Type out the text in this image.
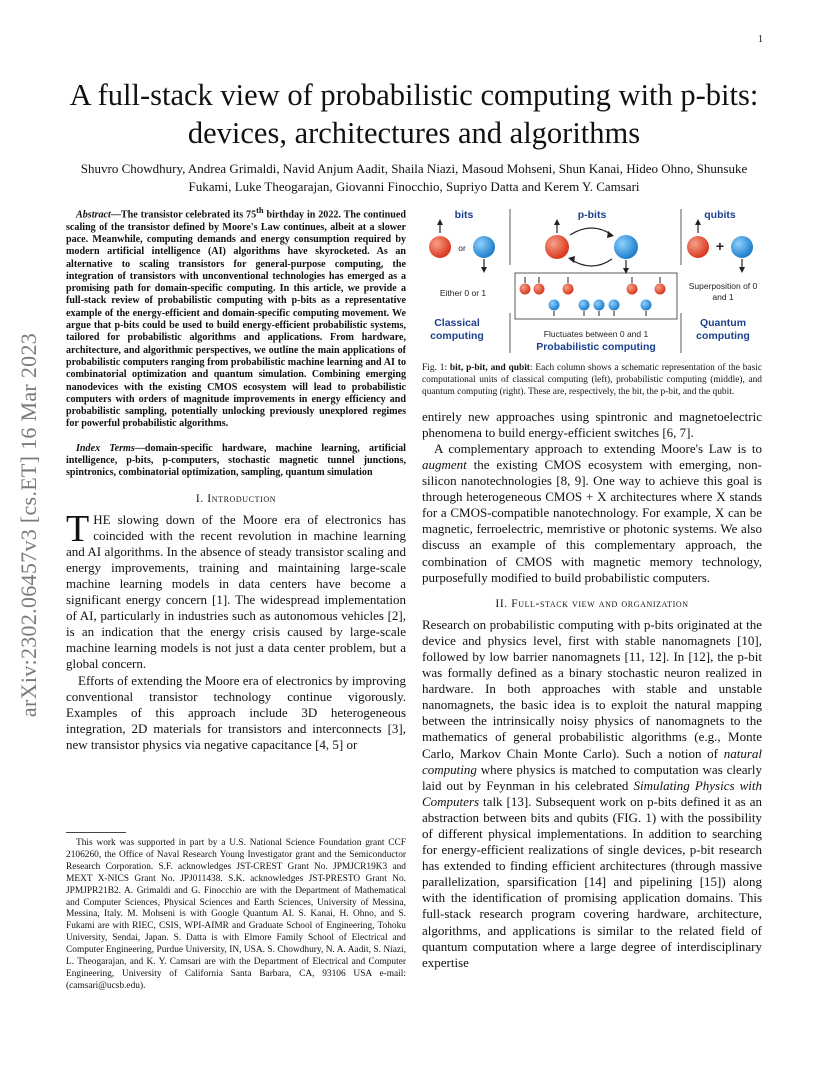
1
arXiv:2302.06457v3 [cs.ET] 16 Mar 2023
A full-stack view of probabilistic computing with p-bits: devices, architectures and algorithms
Shuvro Chowdhury, Andrea Grimaldi, Navid Anjum Aadit, Shaila Niazi, Masoud Mohseni, Shun Kanai, Hideo Ohno, Shunsuke Fukami, Luke Theogarajan, Giovanni Finocchio, Supriyo Datta and Kerem Y. Camsari

Abstract—The transistor celebrated its 75th birthday in 2022. The continued scaling of the transistor defined by Moore's Law continues, albeit at a slower pace. Meanwhile, computing demands and energy consumption required by modern artificial intelligence (AI) algorithms have skyrocketed. As an alternative to scaling transistors for general-purpose computing, the integration of transistors with unconventional technologies has emerged as a promising path for domain-specific computing. In this article, we provide a full-stack review of probabilistic computing with p-bits as a representative example of the energy-efficient and domain-specific computing movement. We argue that p-bits could be used to build energy-efficient probabilistic systems, tailored for probabilistic algorithms and applications. From hardware, architecture, and algorithmic perspectives, we outline the main applications of probabilistic computers ranging from probabilistic machine learning and AI to combinatorial optimization and quantum simulation. Combining emerging nanodevices with the existing CMOS ecosystem will lead to probabilistic computers with orders of magnitude improvements in energy efficiency and probabilistic sampling, potentially unlocking previously unexplored regimes for powerful probabilistic algorithms.

Index Terms—domain-specific hardware, machine learning, artificial intelligence, p-bits, p-computers, stochastic magnetic tunnel junctions, spintronics, combinatorial optimization, sampling, quantum simulation

I. Introduction

THE slowing down of the Moore era of electronics has coincided with the recent revolution in machine learning and AI algorithms. In the absence of steady transistor scaling and energy improvements, training and maintaining large-scale machine learning models in data centers have become a significant energy concern [1]. The widespread implementation of AI, particularly in industries such as autonomous vehicles [2], is an indication that the energy crisis caused by large-scale machine learning models is not just a data center problem, but a global concern.

Efforts of extending the Moore era of electronics by improving conventional transistor technology continue vigorously. Examples of this approach include 3D heterogeneous integration, 2D materials for transistors and interconnects [3], new transistor physics via negative capacitance [4, 5] or

This work was supported in part by a U.S. National Science Foundation grant CCF 2106260, the Office of Naval Research Young Investigator grant and the Semiconductor Research Corporation. S.F. acknowledges JST-CREST Grant No. JPMJCR19K3 and MEXT X-NICS Grant No. JPJ011438. S.K. acknowledges JST-PRESTO Grant No. JPMJPR21B2. A. Grimaldi and G. Finocchio are with the Department of Mathematical and Computer Sciences, Physical Sciences and Earth Sciences, University of Messina, Messina, Italy. M. Mohseni is with Google Quantum AI. S. Kanai, H. Ohno, and S. Fukami are with RIEC, CSIS, WPI-AIMR and Graduate School of Engineering, Tohoku University, Sendai, Japan. S. Datta is with Elmore Family School of Electrical and Computer Engineering, Purdue University, IN, USA. S. Chowdhury, N. A. Aadit, S. Niazi, L. Theogarajan, and K. Y. Camsari are with the Department of Electrical and Computer Engineering, University of California Santa Barbara, CA, 93106 USA e-mail: (camsari@ucsb.edu).
bits	p-bits	qubits
or	+
Either 0 or 1
Superposition of 0 and 1
Fluctuates between 0 and 1
Classical computing
Probabilistic computing
Quantum computing

Fig. 1: bit, p-bit, and qubit: Each column shows a schematic representation of the basic computational units of classical computing (left), probabilistic computing (middle), and quantum computing (right). These are, respectively, the bit, the p-bit, and the qubit.

entirely new approaches using spintronic and magnetoelectric phenomena to build energy-efficient switches [6, 7].

A complementary approach to extending Moore's Law is to augment the existing CMOS ecosystem with emerging, non-silicon nanotechnologies [8, 9]. One way to achieve this goal is through heterogeneous CMOS + X architectures where X stands for a CMOS-compatible nanotechnology. For example, X can be magnetic, ferroelectric, memristive or photonic systems. We also discuss an example of this complementary approach, the combination of CMOS with magnetic memory technology, purposefully modified to build probabilistic computers.

II. Full-stack view and organization

Research on probabilistic computing with p-bits originated at the device and physics level, first with stable nanomagnets [10], followed by low barrier nanomagnets [11, 12]. In [12], the p-bit was formally defined as a binary stochastic neuron realized in hardware. In both approaches with stable and unstable nanomagnets, the basic idea is to exploit the natural mapping between the intrinsically noisy physics of nanomagnets to the mathematics of general probabilistic algorithms (e.g., Monte Carlo, Markov Chain Monte Carlo). Such a notion of natural computing where physics is matched to computation was clearly laid out by Feynman in his celebrated Simulating Physics with Computers talk [13]. Subsequent work on p-bits defined it as an abstraction between bits and qubits (FIG. 1) with the possibility of different physical implementations. In addition to searching for energy-efficient realizations of single devices, p-bit research has extended to finding efficient architectures (through massive parallelization, sparsification [14] and pipelining [15]) along with the identification of promising application domains. This full-stack research program covering hardware, architecture, algorithms, and applications is similar to the related field of quantum computation where a large degree of interdisciplinary expertise
